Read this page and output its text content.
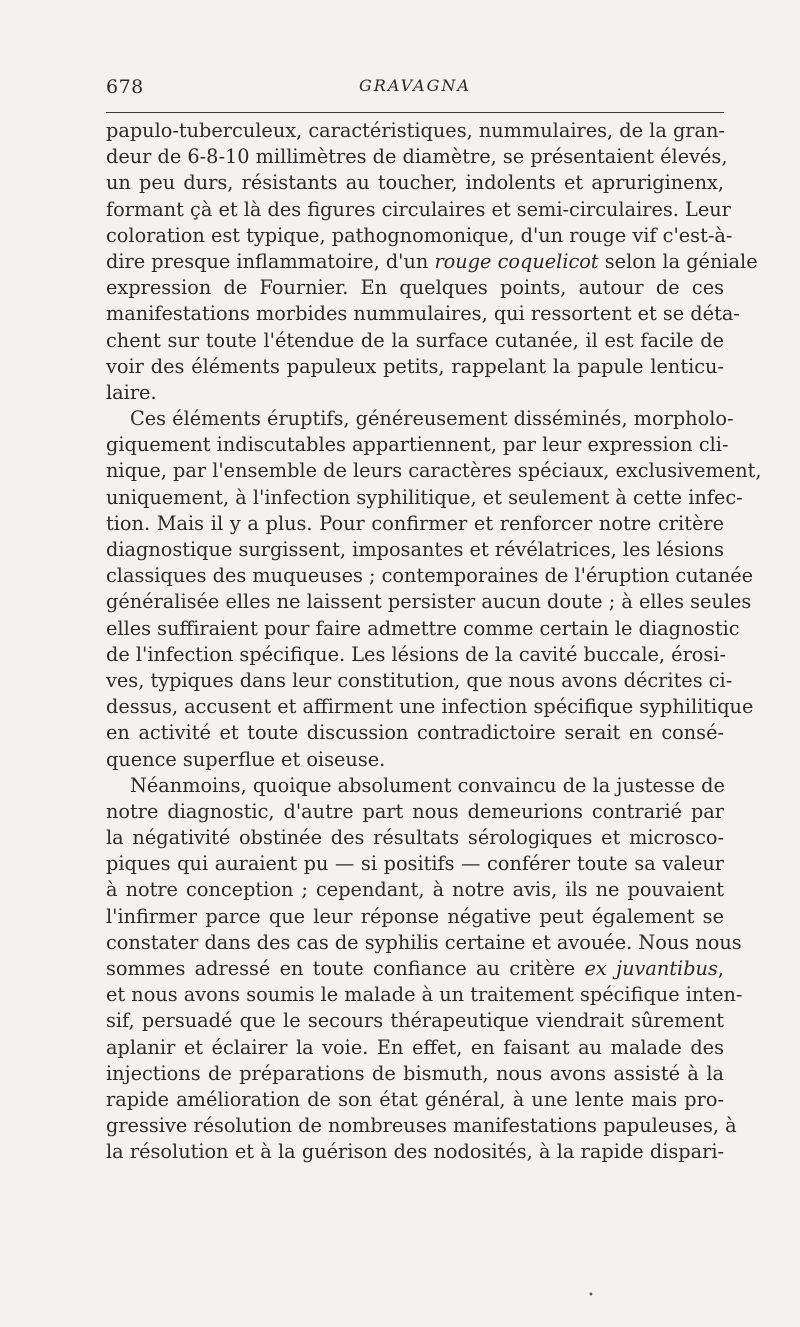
678	GRAVAGNA
papulo-tuberculeux, caractéristiques, nummulaires, de la gran-
deur de 6-8-10 millimètres de diamètre, se présentaient élevés,
un peu durs, résistants au toucher, indolents et apruriginenx,
formant çà et là des figures circulaires et semi-circulaires. Leur
coloration est typique, pathognomonique, d'un rouge vif c'est-à-
dire presque inflammatoire, d'un rouge coquelicot selon la géniale
expression de Fournier. En quelques points, autour de ces
manifestations morbides nummulaires, qui ressortent et se déta-
chent sur toute l'étendue de la surface cutanée, il est facile de
voir des éléments papuleux petits, rappelant la papule lenticu-
laire.
Ces éléments éruptifs, généreusement disséminés, morpholo-
giquement indiscutables appartiennent, par leur expression cli-
nique, par l'ensemble de leurs caractères spéciaux, exclusivement,
uniquement, à l'infection syphilitique, et seulement à cette infec-
tion. Mais il y a plus. Pour confirmer et renforcer notre critère
diagnostique surgissent, imposantes et révélatrices, les lésions
classiques des muqueuses ; contemporaines de l'éruption cutanée
généralisée elles ne laissent persister aucun doute ; à elles seules
elles suffiraient pour faire admettre comme certain le diagnostic
de l'infection spécifique. Les lésions de la cavité buccale, érosi-
ves, typiques dans leur constitution, que nous avons décrites ci-
dessus, accusent et affirment une infection spécifique syphilitique
en activité et toute discussion contradictoire serait en consé-
quence superflue et oiseuse.
Néanmoins, quoique absolument convaincu de la justesse de
notre diagnostic, d'autre part nous demeurions contrarié par
la négativité obstinée des résultats sérologiques et microsco-
piques qui auraient pu — si positifs — conférer toute sa valeur
à notre conception ; cependant, à notre avis, ils ne pouvaient
l'infirmer parce que leur réponse négative peut également se
constater dans des cas de syphilis certaine et avouée. Nous nous
sommes adressé en toute confiance au critère ex juvantibus,
et nous avons soumis le malade à un traitement spécifique inten-
sif, persuadé que le secours thérapeutique viendrait sûrement
aplanir et éclairer la voie. En effet, en faisant au malade des
injections de préparations de bismuth, nous avons assisté à la
rapide amélioration de son état général, à une lente mais pro-
gressive résolution de nombreuses manifestations papuleuses, à
la résolution et à la guérison des nodosités, à la rapide dispari-
•
